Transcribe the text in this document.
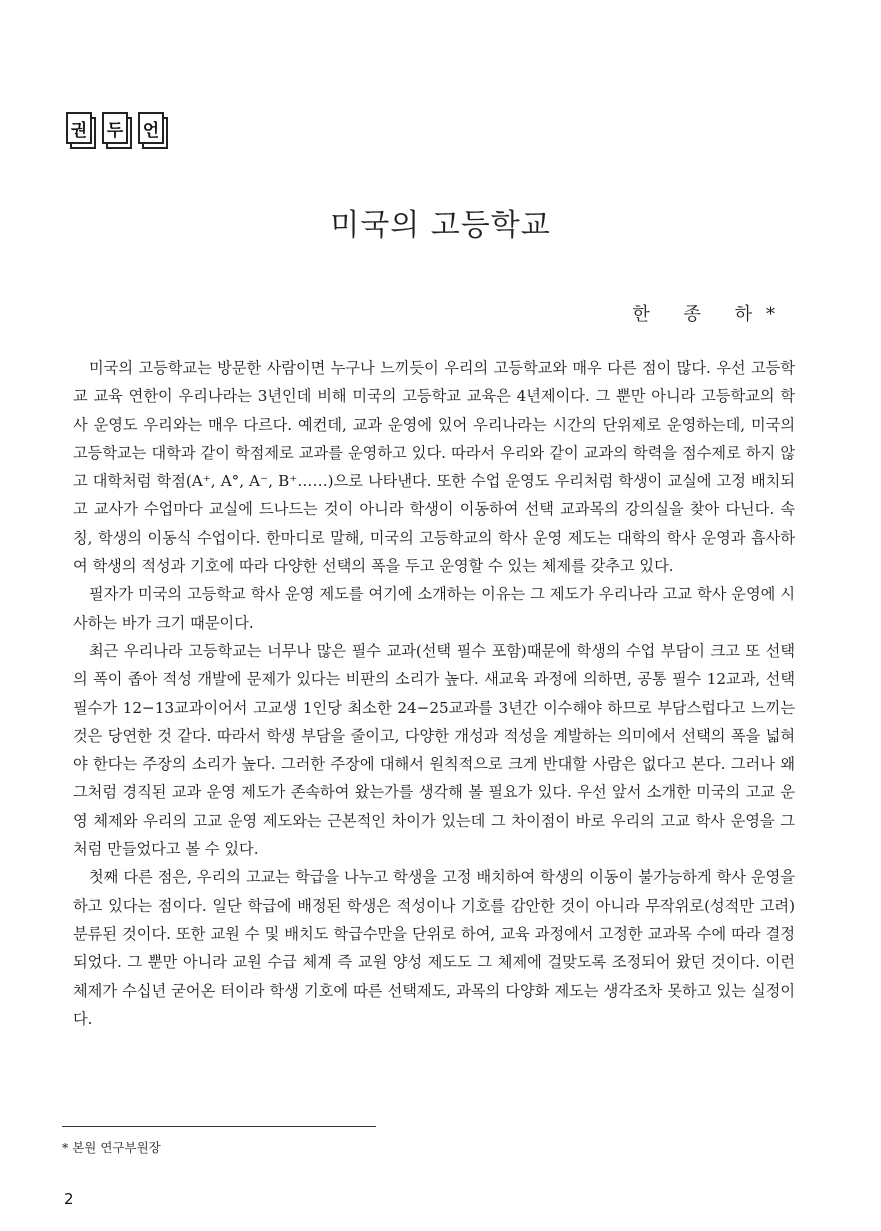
권 두 언
미국의 고등학교
한 종 하*

미국의 고등학교는 방문한 사람이면 누구나 느끼듯이 우리의 고등학교와 매우 다른 점이 많다. 우선 고등학교 교육 연한이 우리나라는 3년인데 비해 미국의 고등학교 교육은 4년제이다. 그 뿐만 아니라 고등학교의 학사 운영도 우리와는 매우 다르다. 예컨데, 교과 운영에 있어 우리나라는 시간의 단위제로 운영하는데, 미국의 고등학교는 대학과 같이 학점제로 교과를 운영하고 있다. 따라서 우리와 같이 교과의 학력을 점수제로 하지 않고 대학처럼 학점(A⁺, A°, A⁻, B⁺……)으로 나타낸다. 또한 수업 운영도 우리처럼 학생이 교실에 고정 배치되고 교사가 수업마다 교실에 드나드는 것이 아니라 학생이 이동하여 선택 교과목의 강의실을 찾아 다닌다. 속칭, 학생의 이동식 수업이다. 한마디로 말해, 미국의 고등학교의 학사 운영 제도는 대학의 학사 운영과 흡사하여 학생의 적성과 기호에 따라 다양한 선택의 폭을 두고 운영할 수 있는 체제를 갖추고 있다.

필자가 미국의 고등학교 학사 운영 제도를 여기에 소개하는 이유는 그 제도가 우리나라 고교 학사 운영에 시사하는 바가 크기 때문이다.

최근 우리나라 고등학교는 너무나 많은 필수 교과(선택 필수 포함)때문에 학생의 수업 부담이 크고 또 선택의 폭이 좁아 적성 개발에 문제가 있다는 비판의 소리가 높다. 새교육 과정에 의하면, 공통 필수 12교과, 선택 필수가 12−13교과이어서 고교생 1인당 최소한 24−25교과를 3년간 이수해야 하므로 부담스럽다고 느끼는 것은 당연한 것 같다. 따라서 학생 부담을 줄이고, 다양한 개성과 적성을 계발하는 의미에서 선택의 폭을 넓혀야 한다는 주장의 소리가 높다. 그러한 주장에 대해서 원칙적으로 크게 반대할 사람은 없다고 본다. 그러나 왜 그처럼 경직된 교과 운영 제도가 존속하여 왔는가를 생각해 볼 필요가 있다. 우선 앞서 소개한 미국의 고교 운영 체제와 우리의 고교 운영 제도와는 근본적인 차이가 있는데 그 차이점이 바로 우리의 고교 학사 운영을 그처럼 만들었다고 볼 수 있다.

첫째 다른 점은, 우리의 고교는 학급을 나누고 학생을 고정 배치하여 학생의 이동이 불가능하게 학사 운영을 하고 있다는 점이다. 일단 학급에 배정된 학생은 적성이나 기호를 감안한 것이 아니라 무작위로(성적만 고려) 분류된 것이다. 또한 교원 수 및 배치도 학급수만을 단위로 하여, 교육 과정에서 고정한 교과목 수에 따라 결정되었다. 그 뿐만 아니라 교원 수급 체계 즉 교원 양성 제도도 그 체제에 걸맞도록 조정되어 왔던 것이다. 이런 체제가 수십년 굳어온 터이라 학생 기호에 따른 선택제도, 과목의 다양화 제도는 생각조차 못하고 있는 실정이다.

* 본원 연구부원장
2
